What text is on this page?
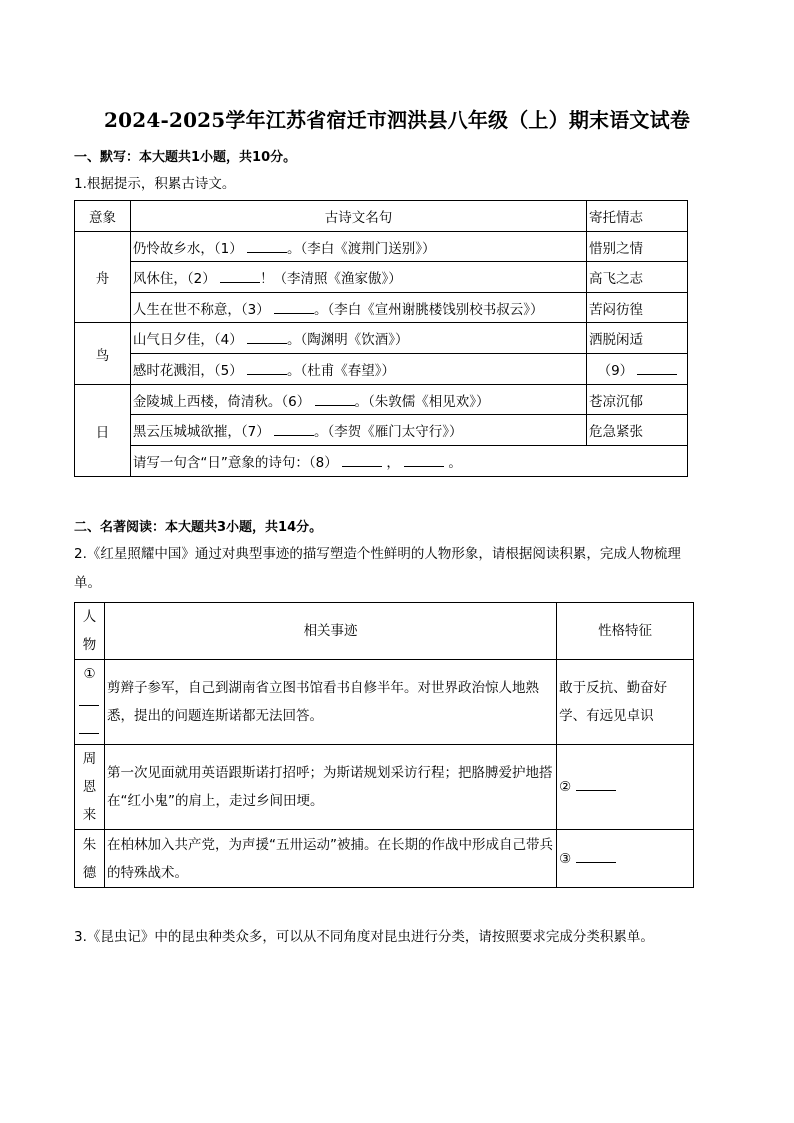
2024-2025学年江苏省宿迁市泗洪县八年级（上）期末语文试卷
一、默写：本大题共1小题，共10分。
1.根据提示，积累古诗文。
意象	古诗文名句	寄托情志
舟	仍怜故乡水，（1） 。（李白《渡荆门送别》）	惜别之情
	风休住，（2） ！（李清照《渔家傲》）	高飞之志
	人生在世不称意，（3） 。（李白《宣州谢朓楼饯别校书叔云》）	苦闷彷徨
鸟	山气日夕佳，（4） 。（陶渊明《饮酒》）	洒脱闲适
	感时花溅泪，（5） 。（杜甫《春望》）	（9）
日	金陵城上西楼，倚清秋。（6） 。（朱敦儒《相见欢》）	苍凉沉郁
	黑云压城城欲摧，（7） 。（李贺《雁门太守行》）	危急紧张
	请写一句含“日”意象的诗句：（8） ， 。	
二、名著阅读：本大题共3小题，共14分。
2.《红星照耀中国》通过对典型事迹的描写塑造个性鲜明的人物形象，请根据阅读积累，完成人物梳理
单。
人
物	相关事迹	性格特征
①	剪辫子参军，自己到湖南省立图书馆看书自修半年。对世界政治惊人地熟悉，提出的问题连斯诺都无法回答。	敢于反抗、勤奋好学、有远见卓识
周
恩
来	第一次见面就用英语跟斯诺打招呼；为斯诺规划采访行程；把胳膊爱护地搭在“红小鬼”的肩上，走过乡间田埂。	②
朱
德	在柏林加入共产党，为声援“五卅运动”被捕。在长期的作战中形成自己带兵的特殊战术。	③
3.《昆虫记》中的昆虫种类众多，可以从不同角度对昆虫进行分类，请按照要求完成分类积累单。
